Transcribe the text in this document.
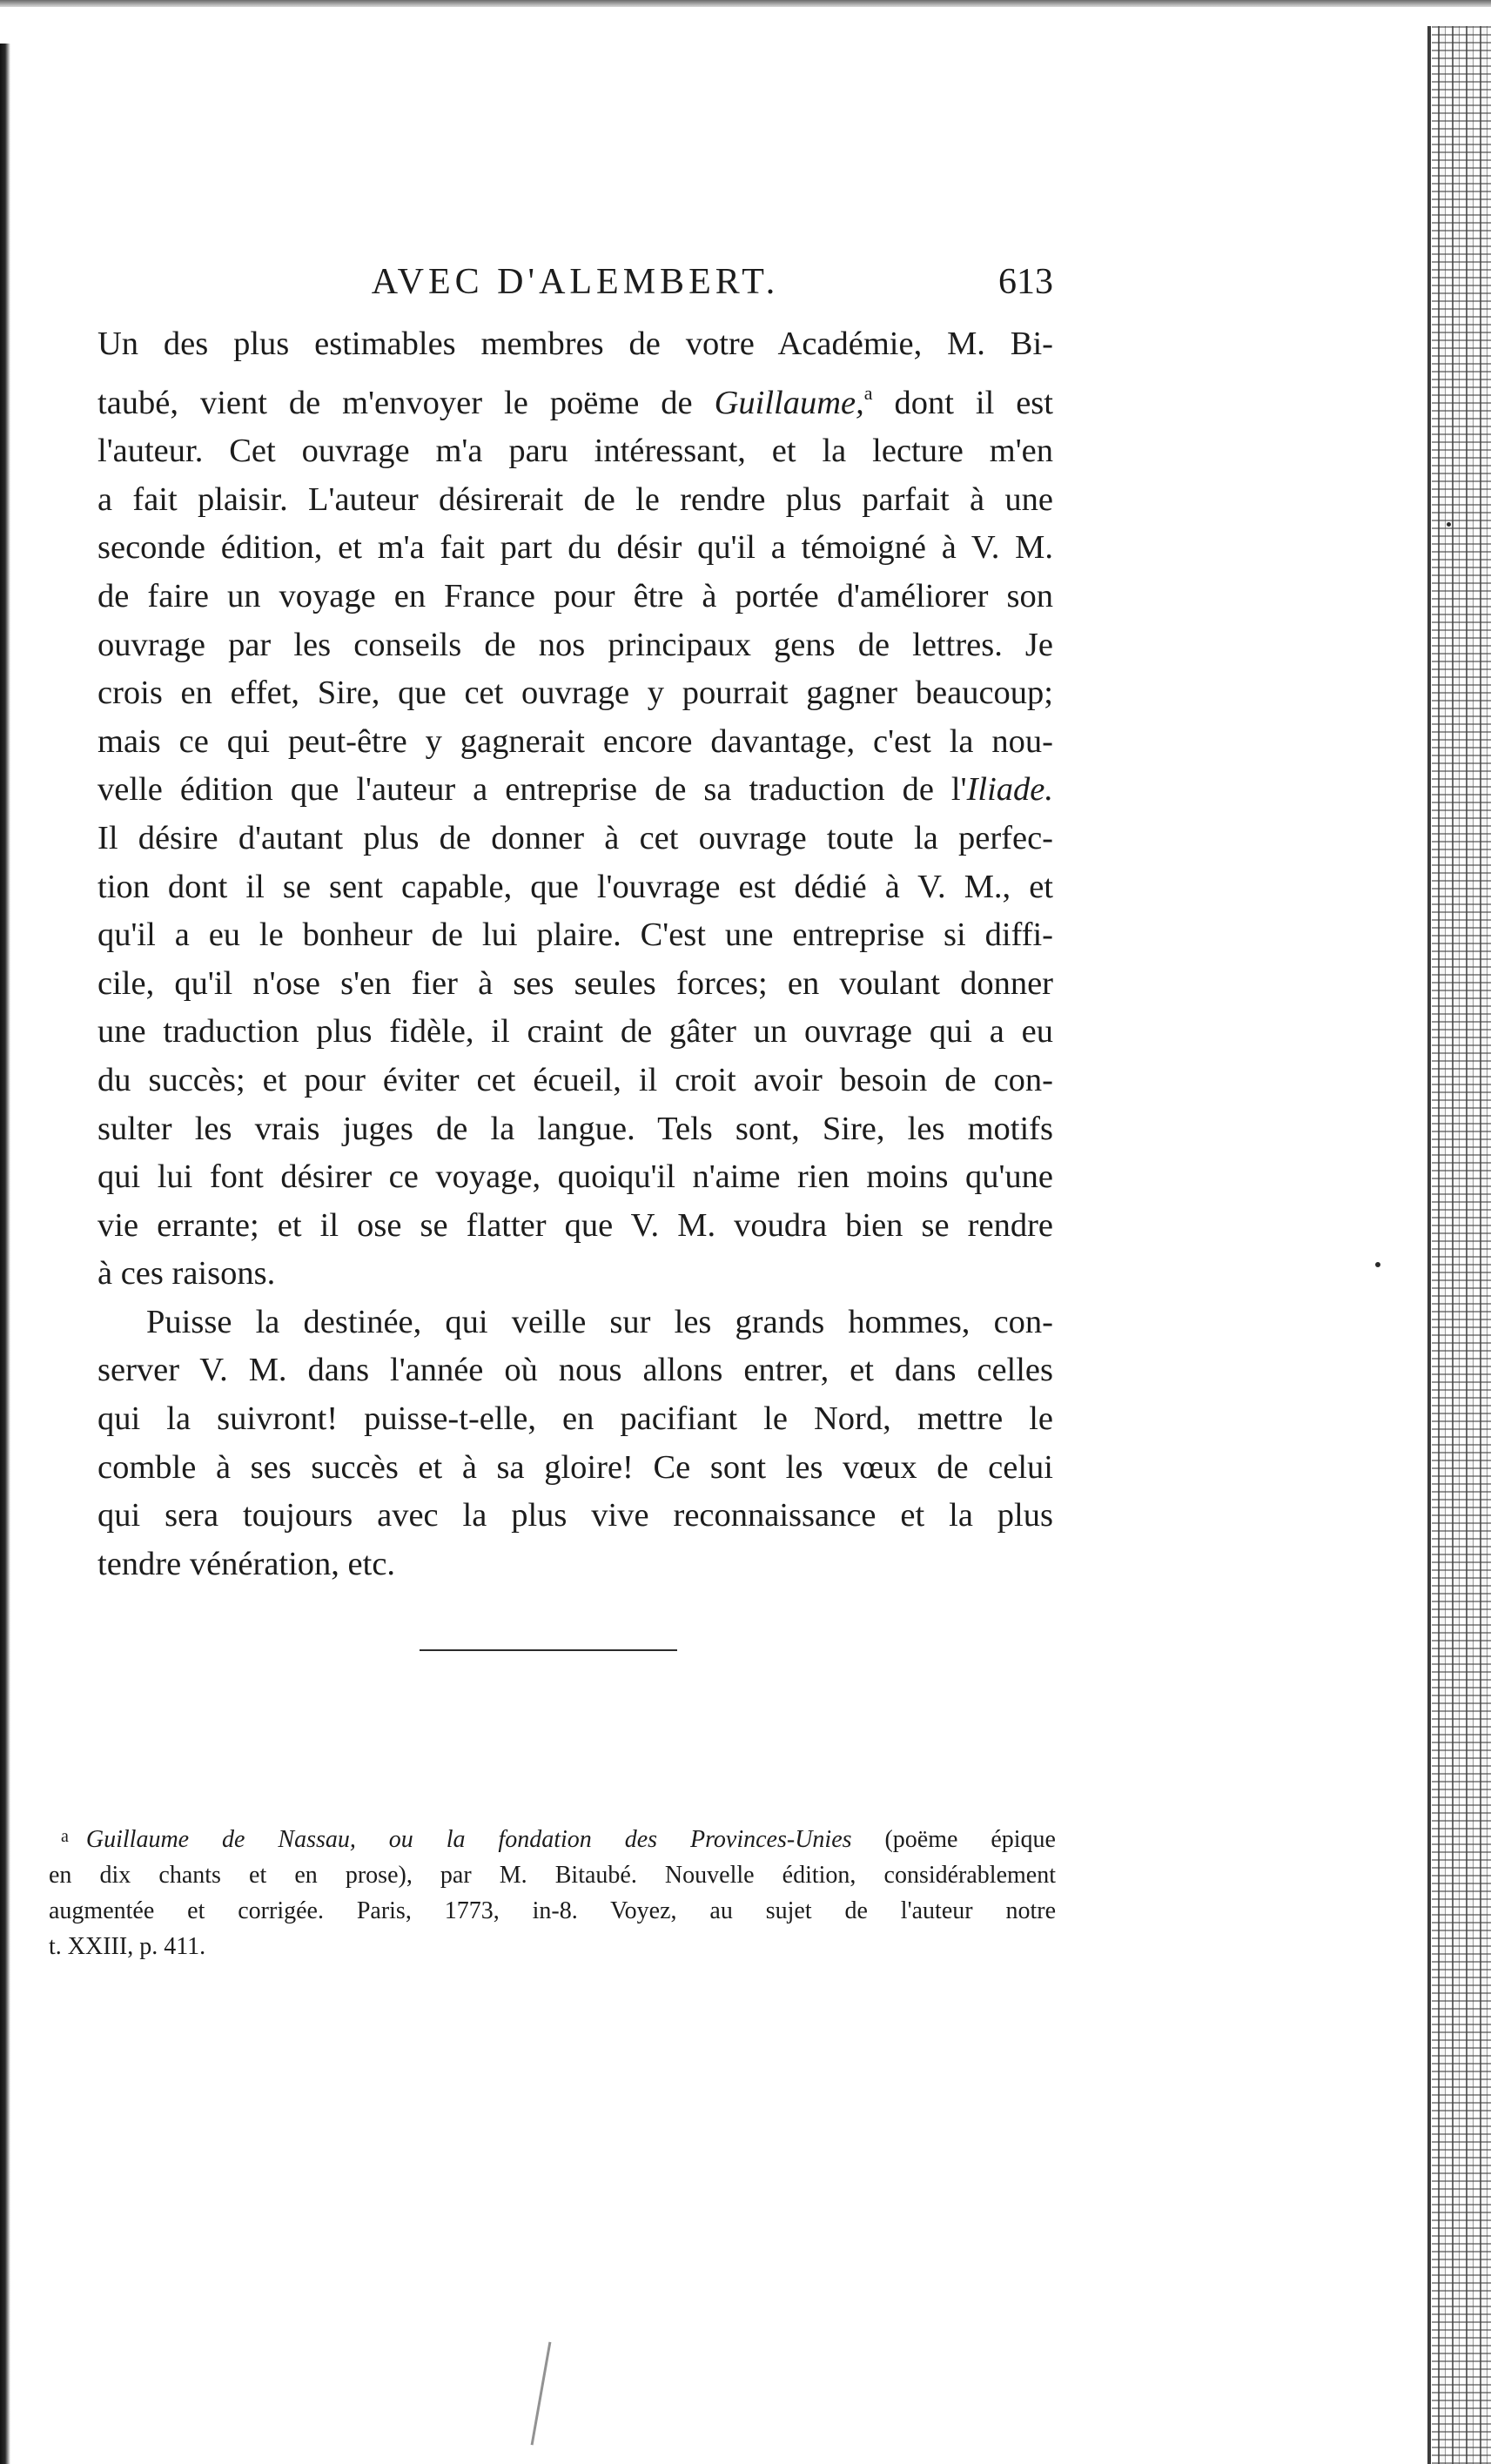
AVEC D'ALEMBERT.	613

Un des plus estimables membres de votre Académie, M. Bi-
taubé, vient de m'envoyer le poëme de Guillaume,$^a$ dont il est
l'auteur. Cet ouvrage m'a paru intéressant, et la lecture m'en
a fait plaisir. L'auteur désirerait de le rendre plus parfait à une
seconde édition, et m'a fait part du désir qu'il a témoigné à V. M.
de faire un voyage en France pour être à portée d'améliorer son
ouvrage par les conseils de nos principaux gens de lettres. Je
crois en effet, Sire, que cet ouvrage y pourrait gagner beaucoup;
mais ce qui peut-être y gagnerait encore davantage, c'est la nou-
velle édition que l'auteur a entreprise de sa traduction de l'Iliade.
Il désire d'autant plus de donner à cet ouvrage toute la perfec-
tion dont il se sent capable, que l'ouvrage est dédié à V. M., et
qu'il a eu le bonheur de lui plaire. C'est une entreprise si diffi-
cile, qu'il n'ose s'en fier à ses seules forces; en voulant donner
une traduction plus fidèle, il craint de gâter un ouvrage qui a eu
du succès; et pour éviter cet écueil, il croit avoir besoin de con-
sulter les vrais juges de la langue. Tels sont, Sire, les motifs
qui lui font désirer ce voyage, quoiqu'il n'aime rien moins qu'une
vie errante; et il ose se flatter que V. M. voudra bien se rendre
à ces raisons.

Puisse la destinée, qui veille sur les grands hommes, con-
server V. M. dans l'année où nous allons entrer, et dans celles
qui la suivront! puisse-t-elle, en pacifiant le Nord, mettre le
comble à ses succès et à sa gloire! Ce sont les vœux de celui
qui sera toujours avec la plus vive reconnaissance et la plus
tendre vénération, etc.

$^a$ Guillaume de Nassau, ou la fondation des Provinces-Unies (poëme épique
en dix chants et en prose), par M. Bitaubé. Nouvelle édition, considérablement
augmentée et corrigée. Paris, 1773, in-8. Voyez, au sujet de l'auteur notre
t. XXIII, p. 411.
